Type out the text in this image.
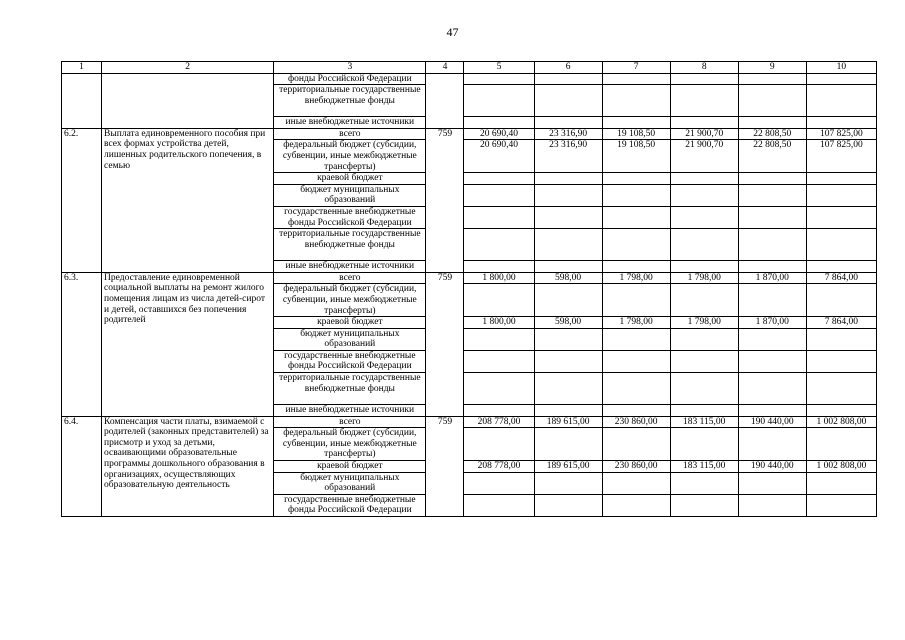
47
1	2	3	4	5	6	7	8	9	10
		фонды Российской Федерации							
		территориальные государственные внебюджетные фонды							
		иные внебюджетные источники							
6.2.	Выплата единовременного пособия при всех формах устройства детей, лишенных родительского попечения, в семью	всего	759	20 690,40	23 316,90	19 108,50	21 900,70	22 808,50	107 825,00
		федеральный бюджет (субсидии, субвенции, иные межбюджетные трансферты)		20 690,40	23 316,90	19 108,50	21 900,70	22 808,50	107 825,00
		краевой бюджет							
		бюджет муниципальных образований							
		государственные внебюджетные фонды Российской Федерации							
		территориальные государственные внебюджетные фонды							
		иные внебюджетные источники							
6.3.	Предоставление единовременной социальной выплаты на ремонт жилого помещения лицам из числа детей-сирот и детей, оставшихся без попечения родителей	всего	759	1 800,00	598,00	1 798,00	1 798,00	1 870,00	7 864,00
		федеральный бюджет (субсидии, субвенции, иные межбюджетные трансферты)							
		краевой бюджет		1 800,00	598,00	1 798,00	1 798,00	1 870,00	7 864,00
		бюджет муниципальных образований							
		государственные внебюджетные фонды Российской Федерации							
		территориальные государственные внебюджетные фонды							
		иные внебюджетные источники							
6.4.	Компенсация части платы, взимаемой с родителей (законных представителей) за присмотр и уход за детьми, осваивающими образовательные программы дошкольного образования в организациях, осуществляющих образовательную деятельность	всего	759	208 778,00	189 615,00	230 860,00	183 115,00	190 440,00	1 002 808,00
		федеральный бюджет (субсидии, субвенции, иные межбюджетные трансферты)							
		краевой бюджет		208 778,00	189 615,00	230 860,00	183 115,00	190 440,00	1 002 808,00
		бюджет муниципальных образований							
		государственные внебюджетные фонды Российской Федерации							
